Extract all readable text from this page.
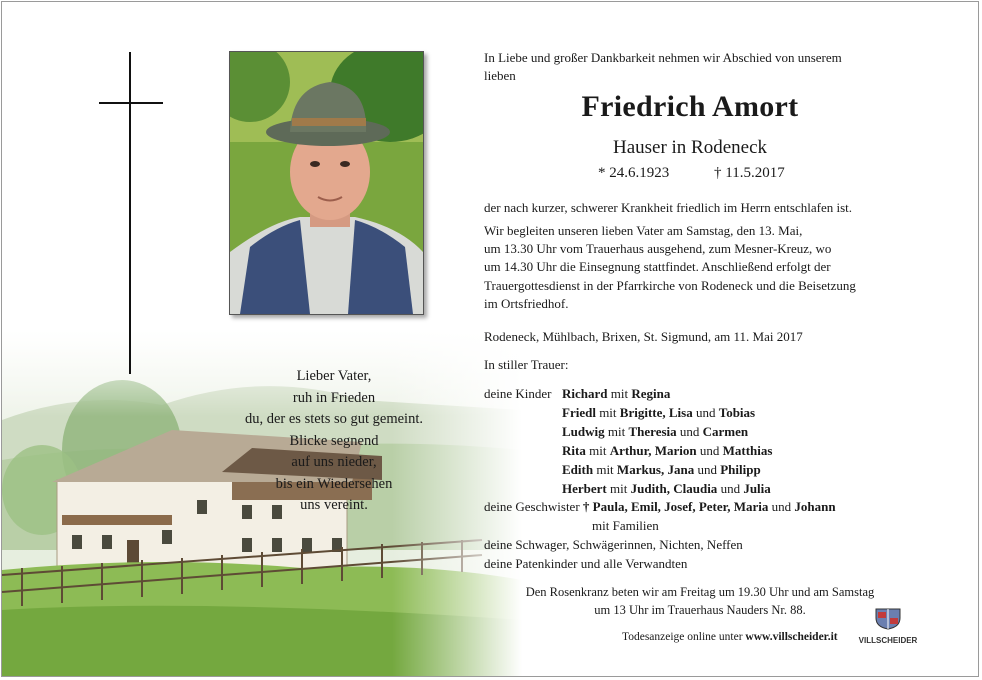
Lieber Vater,
ruh in Frieden
du, der es stets so gut gemeint.
Blicke segnend
auf uns nieder,
bis ein Wiedersehen
uns vereint.
In Liebe und großer Dankbarkeit nehmen wir Abschied von unserem
lieben
Friedrich Amort
Hauser in Rodeneck
* 24.6.1923	† 11.5.2017
der nach kurzer, schwerer Krankheit friedlich im Herrn entschlafen ist.
Wir begleiten unseren lieben Vater am Samstag, den 13. Mai,
um 13.30 Uhr vom Trauerhaus ausgehend, zum Mesner-Kreuz, wo
um 14.30 Uhr die Einsegnung stattfindet. Anschließend erfolgt der
Trauergottesdienst in der Pfarrkirche von Rodeneck und die Beisetzung
im Ortsfriedhof.
Rodeneck, Mühlbach, Brixen, St. Sigmund, am 11. Mai 2017
In stiller Trauer:
deine Kinder Richard mit Regina
Friedl mit Brigitte, Lisa und Tobias
Ludwig mit Theresia und Carmen
Rita mit Arthur, Marion und Matthias
Edith mit Markus, Jana und Philipp
Herbert mit Judith, Claudia und Julia
deine Geschwister † Paula, Emil, Josef, Peter, Maria und Johann
mit Familien
deine Schwager, Schwägerinnen, Nichten, Neffen
deine Patenkinder und alle Verwandten
Den Rosenkranz beten wir am Freitag um 19.30 Uhr und am Samstag
um 13 Uhr im Trauerhaus Nauders Nr. 88.
Todesanzeige online unter www.villscheider.it	VILLSCHEIDER
